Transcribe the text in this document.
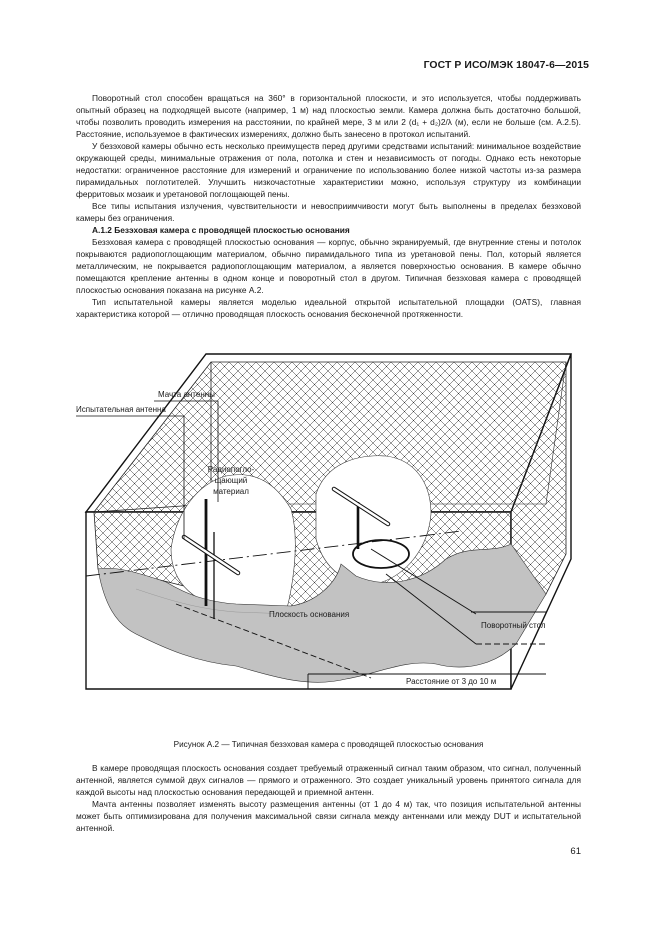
ГОСТ Р ИСО/МЭК 18047-6—2015

Поворотный стол способен вращаться на 360° в горизонтальной плоскости, и это используется, чтобы поддерживать опытный образец на подходящей высоте (например, 1 м) над плоскостью земли. Камера должна быть достаточно большой, чтобы позволить проводить измерения на расстоянии, по крайней мере, 3 м или 2 (d₁ + d₂)2/λ (м), если не больше (см. А.2.5). Расстояние, используемое в фактических измерениях, должно быть занесено в протокол испытаний.

У безэховой камеры обычно есть несколько преимуществ перед другими средствами испытаний: минимальное воздействие окружающей среды, минимальные отражения от пола, потолка и стен и независимость от погоды. Однако есть некоторые недостатки: ограниченное расстояние для измерений и ограничение по использованию более низкой частоты из-за размера пирамидальных поглотителей. Улучшить низкочастотные характеристики можно, используя структуру из комбинации ферритовых мозаик и уретановой поглощающей пены.

Все типы испытания излучения, чувствительности и невосприимчивости могут быть выполнены в пределах безэховой камеры без ограничения.

А.1.2 Безэховая камера с проводящей плоскостью основания

Безэховая камера с проводящей плоскостью основания — корпус, обычно экранируемый, где внутренние стены и потолок покрываются радиопоглощающим материалом, обычно пирамидального типа из уретановой пены. Пол, который является металлическим, не покрывается радиопоглощающим материалом, а является поверхностью основания. В камере обычно помещаются крепление антенны в одном конце и поворотный стол в другом. Типичная безэховая камера с проводящей плоскостью основания показана на рисунке А.2.

Тип испытательной камеры является моделью идеальной открытой испытательной площадки (OATS), главная характеристика которой — отлично проводящая плоскость основания бесконечной протяженности.

Мачта антенны
Испытательная антенна
Радиопогло-
щающий
материал
Плоскость основания
Поворотный стол
Расстояние от 3 до 10 м
Рисунок А.2 — Типичная безэховая камера с проводящей плоскостью основания

В камере проводящая плоскость основания создает требуемый отраженный сигнал таким образом, что сигнал, полученный антенной, является суммой двух сигналов — прямого и отраженного. Это создает уникальный уровень принятого сигнала для каждой высоты над плоскостью основания передающей и приемной антенн.

Мачта антенны позволяет изменять высоту размещения антенны (от 1 до 4 м) так, что позиция испытательной антенны может быть оптимизирована для получения максимальной связи сигнала между антеннами или между DUT и испытательной антенной.

61
